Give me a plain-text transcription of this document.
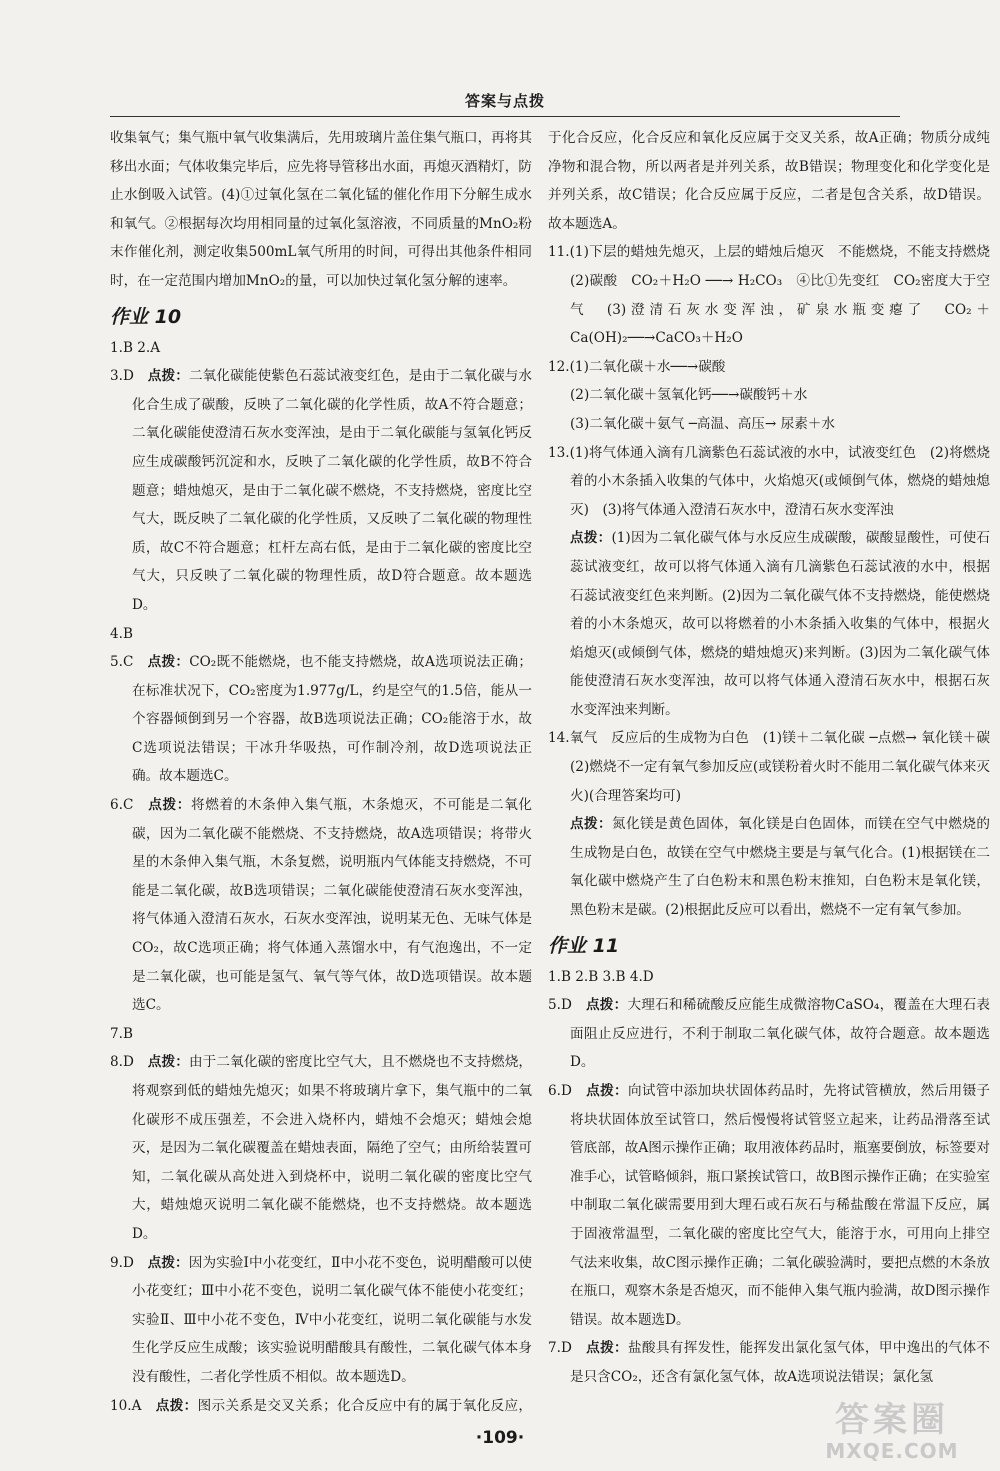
答案与点拨

收集氧气；集气瓶中氧气收集满后，先用玻璃片盖住集气瓶口，再将其移出水面；气体收集完毕后，应先将导管移出水面，再熄灭酒精灯，防止水倒吸入试管。(4)①过氧化氢在二氧化锰的催化作用下分解生成水和氧气。②根据每次均用相同量的过氧化氢溶液，不同质量的MnO₂粉末作催化剂，测定收集500mL氧气所用的时间，可得出其他条件相同时，在一定范围内增加MnO₂的量，可以加快过氧化氢分解的速率。

作业 10

1.B 2.A

3.D　 点拨：二氧化碳能使紫色石蕊试液变红色，是由于二氧化碳与水化合生成了碳酸，反映了二氧化碳的化学性质，故A不符合题意；二氧化碳能使澄清石灰水变浑浊，是由于二氧化碳能与氢氧化钙反应生成碳酸钙沉淀和水，反映了二氧化碳的化学性质，故B不符合题意；蜡烛熄灭，是由于二氧化碳不燃烧，不支持燃烧，密度比空气大，既反映了二氧化碳的化学性质，又反映了二氧化碳的物理性质，故C不符合题意；杠杆左高右低，是由于二氧化碳的密度比空气大，只反映了二氧化碳的物理性质，故D符合题意。故本题选D。

4.B

5.C　 点拨：CO₂既不能燃烧，也不能支持燃烧，故A选项说法正确；在标准状况下，CO₂密度为1.977g/L，约是空气的1.5倍，能从一个容器倾倒到另一个容器，故B选项说法正确；CO₂能溶于水，故C选项说法错误；干冰升华吸热，可作制冷剂，故D选项说法正确。故本题选C。

6.C　 点拨：将燃着的木条伸入集气瓶，木条熄灭，不可能是二氧化碳，因为二氧化碳不能燃烧、不支持燃烧，故A选项错误；将带火星的木条伸入集气瓶，木条复燃，说明瓶内气体能支持燃烧，不可能是二氧化碳，故B选项错误；二氧化碳能使澄清石灰水变浑浊，将气体通入澄清石灰水，石灰水变浑浊，说明某无色、无味气体是CO₂，故C选项正确；将气体通入蒸馏水中，有气泡逸出，不一定是二氧化碳，也可能是氢气、氧气等气体，故D选项错误。故本题选C。

7.B

8.D　 点拨：由于二氧化碳的密度比空气大，且不燃烧也不支持燃烧，将观察到低的蜡烛先熄灭；如果不将玻璃片拿下，集气瓶中的二氧化碳形不成压强差，不会进入烧杯内，蜡烛不会熄灭；蜡烛会熄灭，是因为二氧化碳覆盖在蜡烛表面，隔绝了空气；由所给装置可知，二氧化碳从高处进入到烧杯中，说明二氧化碳的密度比空气大，蜡烛熄灭说明二氧化碳不能燃烧，也不支持燃烧。故本题选D。

9.D　 点拨：因为实验Ⅰ中小花变红，Ⅱ中小花不变色，说明醋酸可以使小花变红；Ⅲ中小花不变色，说明二氧化碳气体不能使小花变红；实验Ⅱ、Ⅲ中小花不变色，Ⅳ中小花变红，说明二氧化碳能与水发生化学反应生成酸；该实验说明醋酸具有酸性，二氧化碳气体本身没有酸性，二者化学性质不相似。故本题选D。

10.A　 点拨：图示关系是交叉关系；化合反应中有的属于氧化反应，

于化合反应，化合反应和氧化反应属于交叉关系，故A正确；物质分成纯净物和混合物，所以两者是并列关系，故B错误；物理变化和化学变化是并列关系，故C错误；化合反应属于反应，二者是包含关系，故D错误。故本题选A。

11.(1)下层的蜡烛先熄灭，上层的蜡烛后熄灭　不能燃烧，不能支持燃烧　(2)碳酸　CO₂＋H₂O ──→ H₂CO₃　④比①先变红　CO₂密度大于空气　(3)澄清石灰水变浑浊，矿泉水瓶变瘪了　CO₂＋Ca(OH)₂──→CaCO₃＋H₂O

12.(1)二氧化碳＋水──→碳酸

(2)二氧化碳＋氢氧化钙──→碳酸钙＋水

(3)二氧化碳＋氨气 ─高温、高压→ 尿素＋水

13.(1)将气体通入滴有几滴紫色石蕊试液的水中，试液变红色　(2)将燃烧着的小木条插入收集的气体中，火焰熄灭(或倾倒气体，燃烧的蜡烛熄灭)　(3)将气体通入澄清石灰水中，澄清石灰水变浑浊

点拨：(1)因为二氧化碳气体与水反应生成碳酸，碳酸显酸性，可使石蕊试液变红，故可以将气体通入滴有几滴紫色石蕊试液的水中，根据石蕊试液变红色来判断。(2)因为二氧化碳气体不支持燃烧，能使燃烧着的小木条熄灭，故可以将燃着的小木条插入收集的气体中，根据火焰熄灭(或倾倒气体，燃烧的蜡烛熄灭)来判断。(3)因为二氧化碳气体能使澄清石灰水变浑浊，故可以将气体通入澄清石灰水中，根据石灰水变浑浊来判断。

14.氧气　反应后的生成物为白色　(1)镁＋二氧化碳 ─点燃→ 氧化镁＋碳　(2)燃烧不一定有氧气参加反应(或镁粉着火时不能用二氧化碳气体来灭火)(合理答案均可)

点拨：氮化镁是黄色固体，氧化镁是白色固体，而镁在空气中燃烧的生成物是白色，故镁在空气中燃烧主要是与氧气化合。(1)根据镁在二氧化碳中燃烧产生了白色粉末和黑色粉末推知，白色粉末是氧化镁，黑色粉末是碳。(2)根据此反应可以看出，燃烧不一定有氧气参加。

作业 11

1.B 2.B 3.B 4.D

5.D　 点拨：大理石和稀硫酸反应能生成微溶物CaSO₄，覆盖在大理石表面阻止反应进行，不利于制取二氧化碳气体，故符合题意。故本题选D。

6.D　 点拨：向试管中添加块状固体药品时，先将试管横放，然后用镊子将块状固体放至试管口，然后慢慢将试管竖立起来，让药品滑落至试管底部，故A图示操作正确；取用液体药品时，瓶塞要倒放，标签要对准手心，试管略倾斜，瓶口紧挨试管口，故B图示操作正确；在实验室中制取二氧化碳需要用到大理石或石灰石与稀盐酸在常温下反应，属于固液常温型，二氧化碳的密度比空气大，能溶于水，可用向上排空气法来收集，故C图示操作正确；二氧化碳验满时，要把点燃的木条放在瓶口，观察木条是否熄灭，而不能伸入集气瓶内验满，故D图示操作错误。故本题选D。

7.D　 点拨：盐酸具有挥发性，能挥发出氯化氢气体，甲中逸出的气体不是只含CO₂，还含有氯化氢气体，故A选项说法错误；氯化氢

·109·	答案圈
MXQE.COM
